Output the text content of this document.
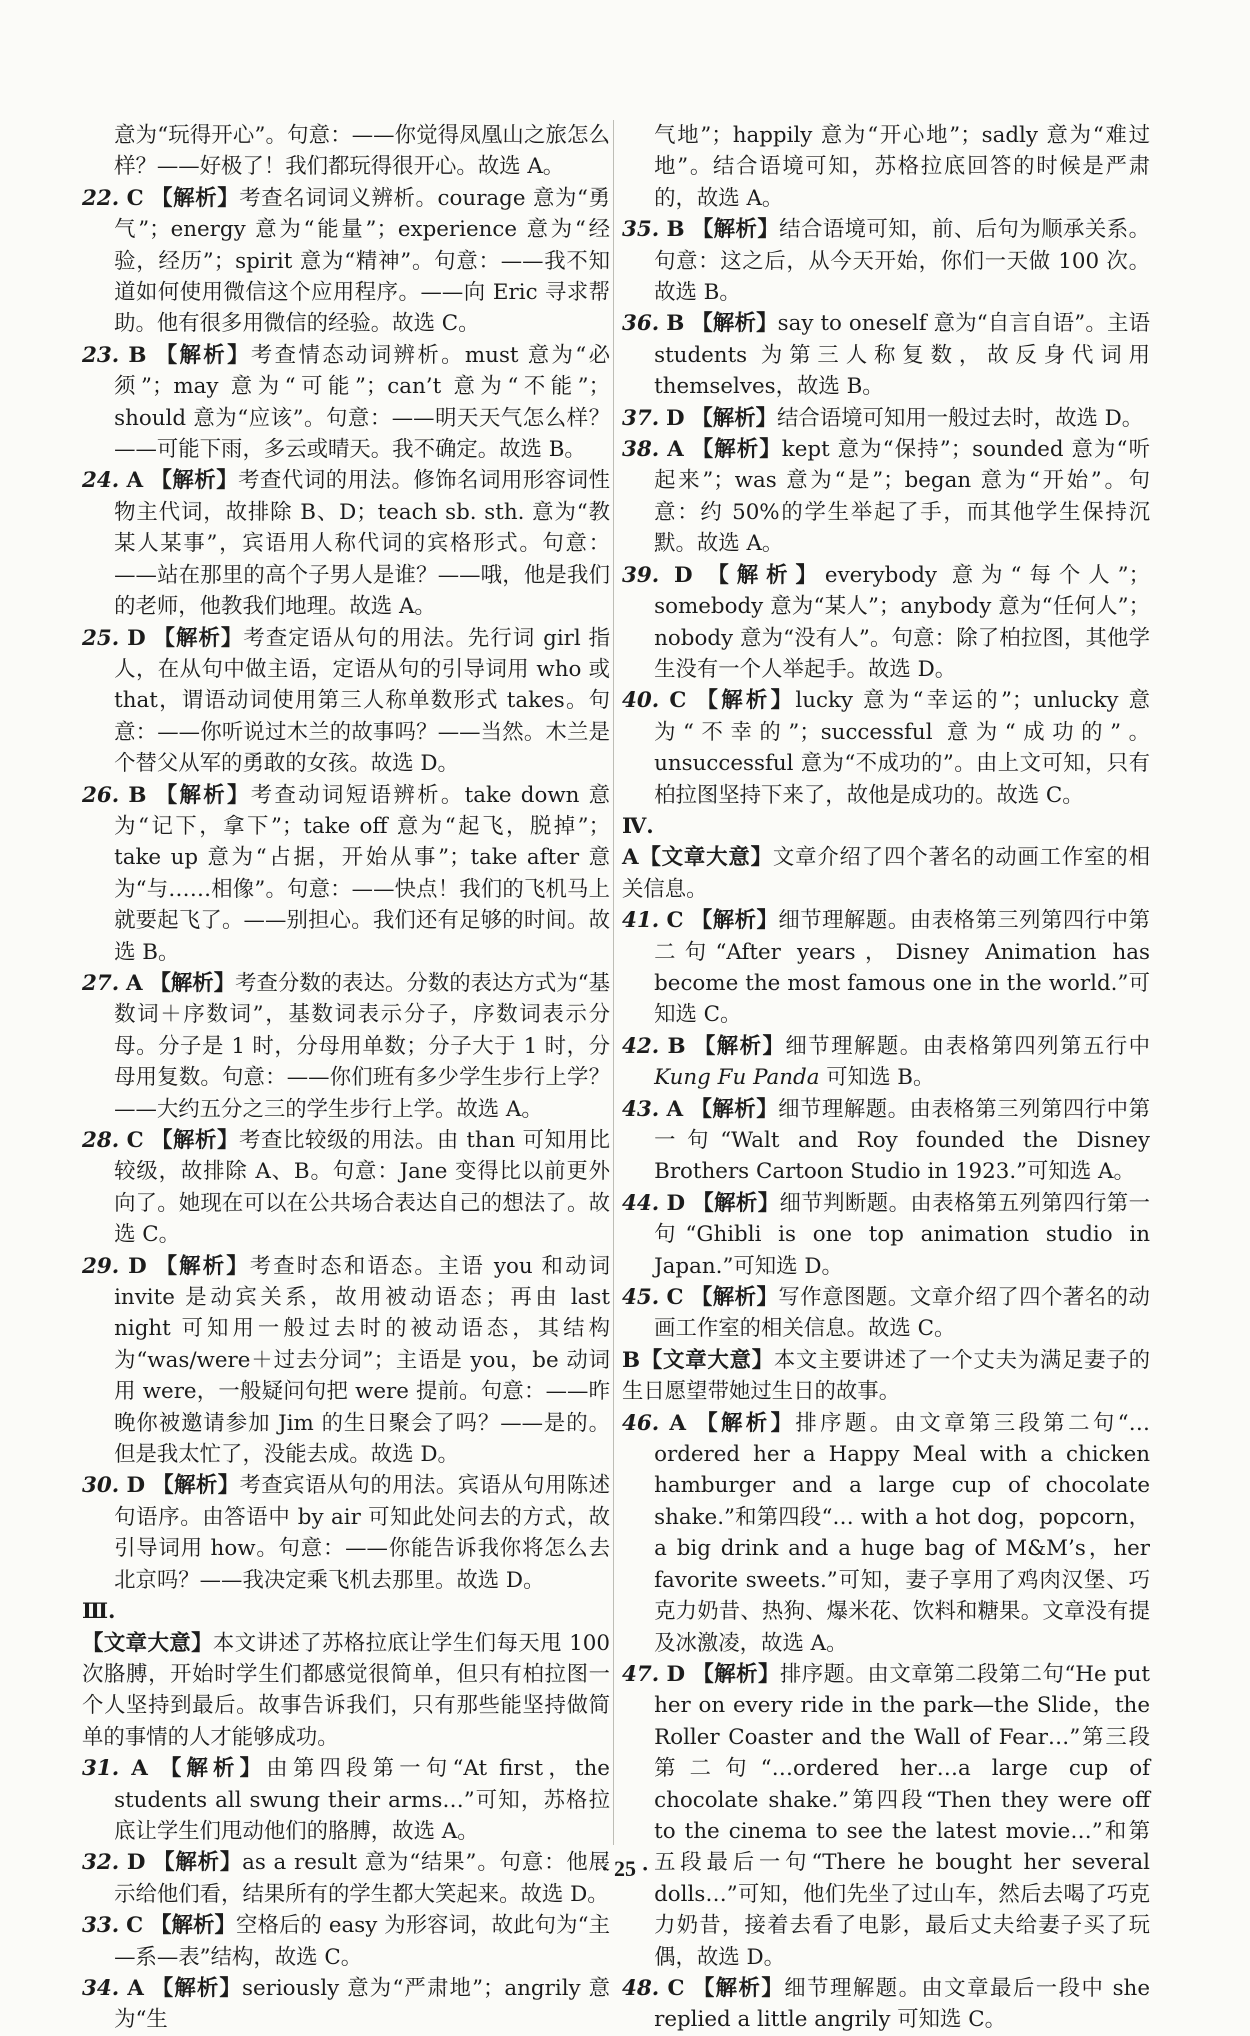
意为“玩得开心”。句意：——你觉得凤凰山之旅怎么样？——好极了！我们都玩得很开心。故选 A。

22. C 【解析】考查名词词义辨析。courage 意为“勇气”；energy 意为“能量”；experience 意为“经验，经历”；spirit 意为“精神”。句意：——我不知道如何使用微信这个应用程序。——向 Eric 寻求帮助。他有很多用微信的经验。故选 C。

23. B 【解析】考查情态动词辨析。must 意为“必须”；may 意为“可能”；can’t 意为“不能”；should 意为“应该”。句意：——明天天气怎么样？——可能下雨，多云或晴天。我不确定。故选 B。

24. A 【解析】考查代词的用法。修饰名词用形容词性物主代词，故排除 B、D；teach sb. sth. 意为“教某人某事”，宾语用人称代词的宾格形式。句意：——站在那里的高个子男人是谁？——哦，他是我们的老师，他教我们地理。故选 A。

25. D 【解析】考查定语从句的用法。先行词 girl 指人，在从句中做主语，定语从句的引导词用 who 或 that，谓语动词使用第三人称单数形式 takes。句意：——你听说过木兰的故事吗？——当然。木兰是个替父从军的勇敢的女孩。故选 D。

26. B 【解析】考查动词短语辨析。take down 意为“记下，拿下”；take off 意为“起飞，脱掉”；take up 意为“占据，开始从事”；take after 意为“与……相像”。句意：——快点！我们的飞机马上就要起飞了。——别担心。我们还有足够的时间。故选 B。

27. A 【解析】考查分数的表达。分数的表达方式为“基数词＋序数词”，基数词表示分子，序数词表示分母。分子是 1 时，分母用单数；分子大于 1 时，分母用复数。句意：——你们班有多少学生步行上学？——大约五分之三的学生步行上学。故选 A。

28. C 【解析】考查比较级的用法。由 than 可知用比较级，故排除 A、B。句意：Jane 变得比以前更外向了。她现在可以在公共场合表达自己的想法了。故选 C。

29. D 【解析】考查时态和语态。主语 you 和动词 invite 是动宾关系，故用被动语态；再由 last night 可知用一般过去时的被动语态，其结构为“was/were＋过去分词”；主语是 you，be 动词用 were，一般疑问句把 were 提前。句意：——昨晚你被邀请参加 Jim 的生日聚会了吗？——是的。但是我太忙了，没能去成。故选 D。

30. D 【解析】考查宾语从句的用法。宾语从句用陈述句语序。由答语中 by air 可知此处问去的方式，故引导词用 how。句意：——你能告诉我你将怎么去北京吗？——我决定乘飞机去那里。故选 D。

Ⅲ.

【文章大意】本文讲述了苏格拉底让学生们每天甩 100 次胳膊，开始时学生们都感觉很简单，但只有柏拉图一个人坚持到最后。故事告诉我们，只有那些能坚持做简单的事情的人才能够成功。

31. A 【解析】由第四段第一句“At first，the students all swung their arms…”可知，苏格拉底让学生们甩动他们的胳膊，故选 A。

32. D 【解析】as a result 意为“结果”。句意：他展示给他们看，结果所有的学生都大笑起来。故选 D。

33. C 【解析】空格后的 easy 为形容词，故此句为“主—系—表”结构，故选 C。

34. A 【解析】seriously 意为“严肃地”；angrily 意为“生

气地”；happily 意为“开心地”；sadly 意为“难过地”。结合语境可知，苏格拉底回答的时候是严肃的，故选 A。

35. B 【解析】结合语境可知，前、后句为顺承关系。句意：这之后，从今天开始，你们一天做 100 次。故选 B。

36. B 【解析】say to oneself 意为“自言自语”。主语 students 为第三人称复数，故反身代词用 themselves，故选 B。

37. D 【解析】结合语境可知用一般过去时，故选 D。

38. A 【解析】kept 意为“保持”；sounded 意为“听起来”；was 意为“是”；began 意为“开始”。句意：约 50%的学生举起了手，而其他学生保持沉默。故选 A。

39. D 【解析】everybody 意为“每个人”；somebody 意为“某人”；anybody 意为“任何人”；nobody 意为“没有人”。句意：除了柏拉图，其他学生没有一个人举起手。故选 D。

40. C 【解析】lucky 意为“幸运的”；unlucky 意为“不幸的”；successful 意为“成功的”。unsuccessful 意为“不成功的”。由上文可知，只有柏拉图坚持下来了，故他是成功的。故选 C。

Ⅳ.

A【文章大意】文章介绍了四个著名的动画工作室的相关信息。

41. C 【解析】细节理解题。由表格第三列第四行中第二句“After years，Disney Animation has become the most famous one in the world.”可知选 C。

42. B 【解析】细节理解题。由表格第四列第五行中Kung Fu Panda 可知选 B。

43. A 【解析】细节理解题。由表格第三列第四行中第一句“Walt and Roy founded the Disney Brothers Cartoon Studio in 1923.”可知选 A。

44. D 【解析】细节判断题。由表格第五列第四行第一句“Ghibli is one top animation studio in Japan.”可知选 D。

45. C 【解析】写作意图题。文章介绍了四个著名的动画工作室的相关信息。故选 C。

B【文章大意】本文主要讲述了一个丈夫为满足妻子的生日愿望带她过生日的故事。

46. A 【解析】排序题。由文章第三段第二句“…ordered her a Happy Meal with a chicken hamburger and a large cup of chocolate shake.”和第四段“… with a hot dog，popcorn，a big drink and a huge bag of M&M’s，her favorite sweets.”可知，妻子享用了鸡肉汉堡、巧克力奶昔、热狗、爆米花、饮料和糖果。文章没有提及冰激凌，故选 A。

47. D 【解析】排序题。由文章第二段第二句“He put her on every ride in the park—the Slide，the Roller Coaster and the Wall of Fear…”第三段第二句“…ordered her…a large cup of chocolate shake.”第四段“Then they were off to the cinema to see the latest movie…”和第五段最后一句“There he bought her several dolls…”可知，他们先坐了过山车，然后去喝了巧克力奶昔，接着去看了电影，最后丈夫给妻子买了玩偶，故选 D。

48. C 【解析】细节理解题。由文章最后一段中 she replied a little angrily 可知选 C。

· 25 ·
